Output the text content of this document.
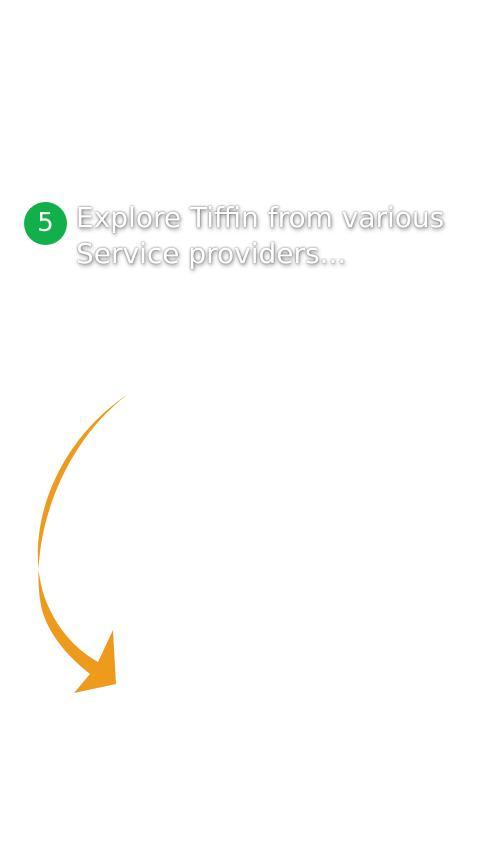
5 Explore Tiffin from various
Service providers...
